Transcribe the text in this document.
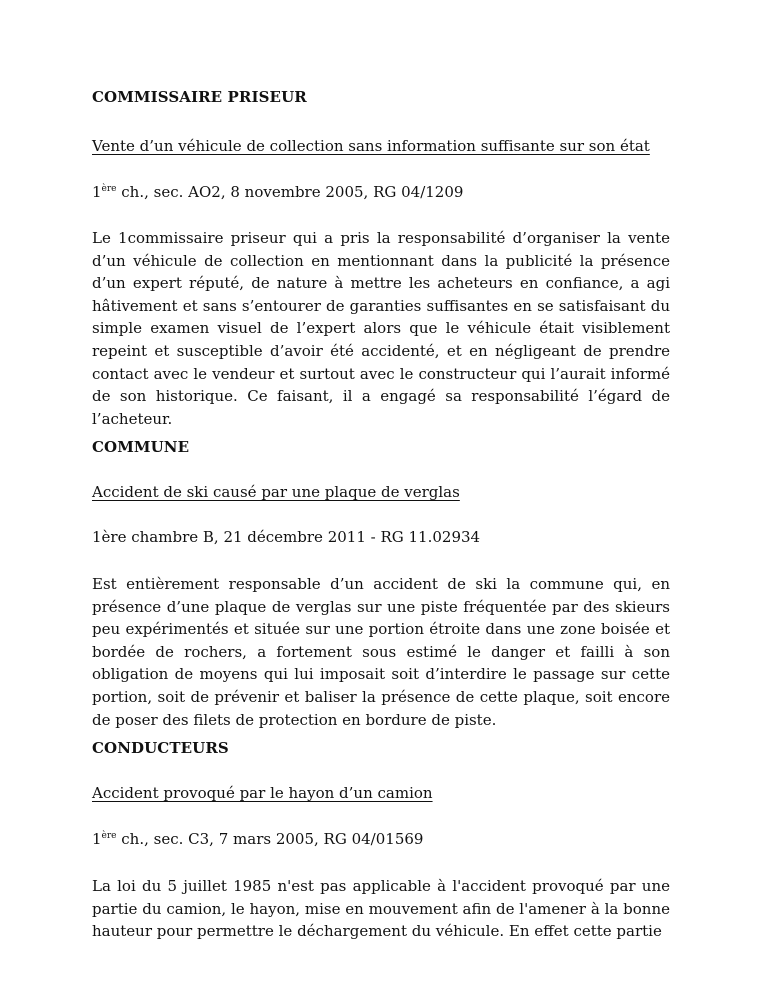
COMMISSAIRE PRISEUR
Vente d’un véhicule de collection sans information suffisante sur son état
1ère ch., sec. AO2, 8 novembre 2005, RG 04/1209
Le 1commissaire priseur qui a pris la responsabilité d’organiser la vente d’un véhicule de collection en mentionnant dans la publicité la présence d’un expert réputé, de nature à mettre les acheteurs en confiance, a agi hâtivement et sans s’entourer de garanties suffisantes en se satisfaisant du simple examen visuel de l’expert alors que le véhicule était visiblement repeint et susceptible d’avoir été accidenté, et en négligeant de prendre contact avec le vendeur et surtout avec le constructeur qui l’aurait informé de son historique. Ce faisant, il a engagé sa responsabilité l’égard de l’acheteur.
COMMUNE
Accident de ski causé par une plaque de verglas
1ère chambre B, 21 décembre 2011 - RG 11.02934
Est entièrement responsable d’un accident de ski la commune qui, en présence d’une plaque de verglas sur une piste fréquentée par des skieurs peu expérimentés et située sur une portion étroite dans une zone boisée et bordée de rochers, a fortement sous estimé le danger et failli à son obligation de moyens qui lui imposait soit d’interdire le passage sur cette portion, soit de prévenir et baliser la présence de cette plaque, soit encore de poser des filets de protection en bordure de piste.
CONDUCTEURS
Accident provoqué par le hayon d’un camion
1ère ch., sec. C3, 7 mars 2005, RG 04/01569
La loi du 5 juillet 1985 n'est pas applicable à l'accident provoqué par une partie du camion, le hayon, mise en mouvement afin de l'amener à la bonne hauteur pour permettre le déchargement du véhicule. En effet cette partie
